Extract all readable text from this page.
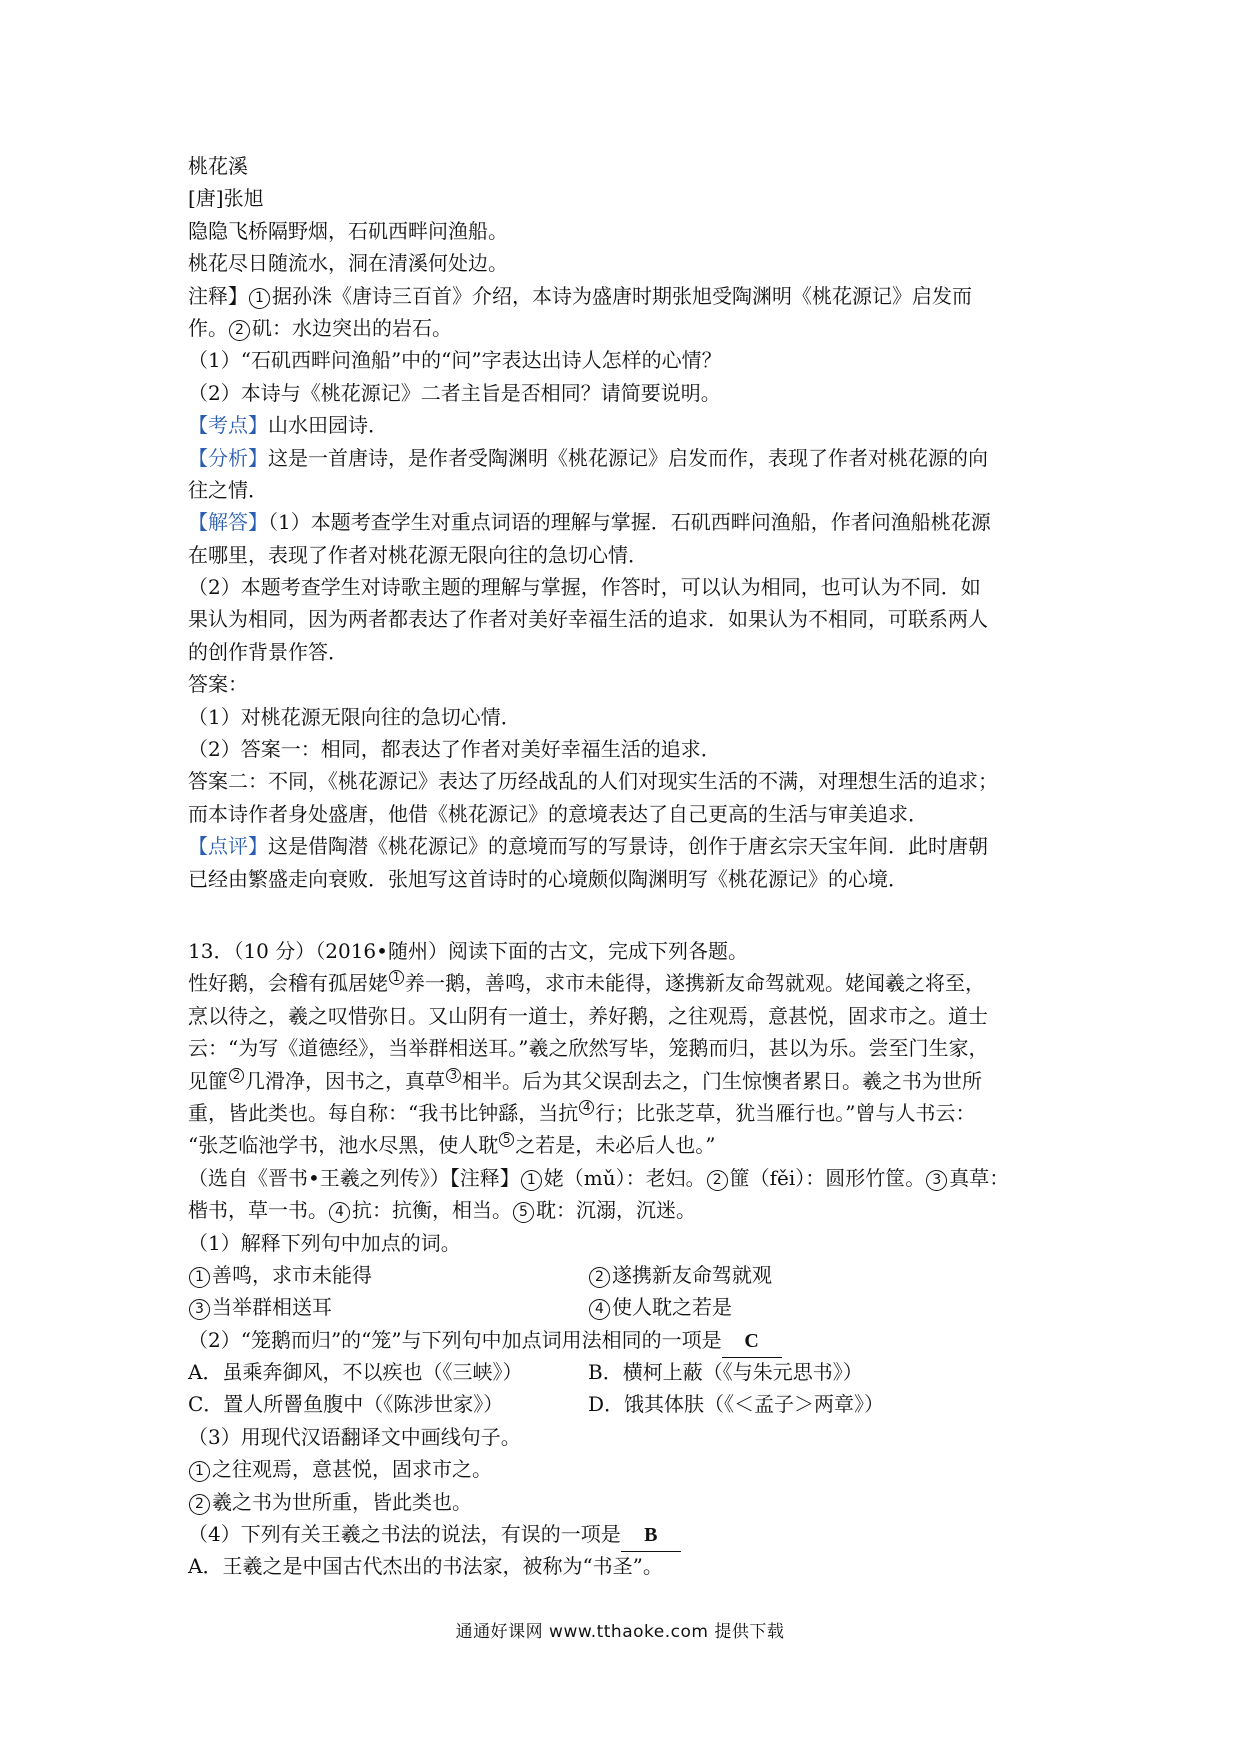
桃花溪
[唐]张旭
隐隐飞桥隔野烟，石矶西畔问渔船。
桃花尽日随流水，洞在清溪何处边。
注释】 1 据孙洙《唐诗三百首》介绍，本诗为盛唐时期张旭受陶渊明《桃花源记》启发而
作。 2 矶：水边突出的岩石。
（1）“石矶西畔问渔船”中的“问”字表达出诗人怎样的心情？
（2）本诗与《桃花源记》二者主旨是否相同？请简要说明。
【考点】山水田园诗．
【分析】这是一首唐诗，是作者受陶渊明《桃花源记》启发而作，表现了作者对桃花源的向
往之情．
【解答】（1）本题考查学生对重点词语的理解与掌握．石矶西畔问渔船，作者问渔船桃花源
在哪里，表现了作者对桃花源无限向往的急切心情．
（2）本题考查学生对诗歌主题的理解与掌握，作答时，可以认为相同，也可认为不同．如
果认为相同，因为两者都表达了作者对美好幸福生活的追求．如果认为不相同，可联系两人
的创作背景作答．
答案：
（1）对桃花源无限向往的急切心情．
（2）答案一：相同，都表达了作者对美好幸福生活的追求．
答案二：不同，《桃花源记》表达了历经战乱的人们对现实生活的不满，对理想生活的追求；
而本诗作者身处盛唐，他借《桃花源记》的意境表达了自己更高的生活与审美追求．
【点评】这是借陶潜《桃花源记》的意境而写的写景诗，创作于唐玄宗天宝年间．此时唐朝
已经由繁盛走向衰败．张旭写这首诗时的心境颇似陶渊明写《桃花源记》的心境．
13．（10 分）（2016•随州）阅读下面的古文，完成下列各题。
性好鹅，会稽有孤居姥 1 养一鹅，善鸣，求市未能得，遂携新友命驾就观。姥闻羲之将至，
烹以待之，羲之叹惜弥日。又山阴有一道士，养好鹅，之往观焉，意甚悦，固求市之。道士
云：“为写《道德经》，当举群相送耳。”羲之欣然写毕，笼鹅而归，甚以为乐。尝至门生家，
见篚 2 几滑净，因书之，真草 3 相半。后为其父误刮去之，门生惊懊者累日。羲之书为世所
重，皆此类也。每自称：“我书比钟繇，当抗 4 行；比张芝草，犹当雁行也。”曾与人书云：
“张芝临池学书，池水尽黑，使人耽 5 之若是，未必后人也。”
（选自《晋书•王羲之列传》）【注释】 1 姥（mǔ）：老妇。 2 篚（fěi）：圆形竹筐。 3 真草：
楷书，草一书。 4 抗：抗衡，相当。 5 耽：沉溺，沉迷。
（1）解释下列句中加点的词。
1 善鸣，求市未能得	2 遂携新友命驾就观
3 当举群相送耳	4 使人耽之若是
（2）“笼鹅而归”的“笼”与下列句中加点词用法相同的一项是 C
A．虽乘奔御风，不以疾也（《三峡》）	B．横柯上蔽（《与朱元思书》）
C．置人所罾鱼腹中（《陈涉世家》）	D．饿其体肤（《＜孟子＞两章》）
（3）用现代汉语翻译文中画线句子。
1 之往观焉，意甚悦，固求市之。
2 羲之书为世所重，皆此类也。
（4）下列有关王羲之书法的说法，有误的一项是 B
A．王羲之是中国古代杰出的书法家，被称为“书圣”。
通通好课网 www.tthaoke.com 提供下载
